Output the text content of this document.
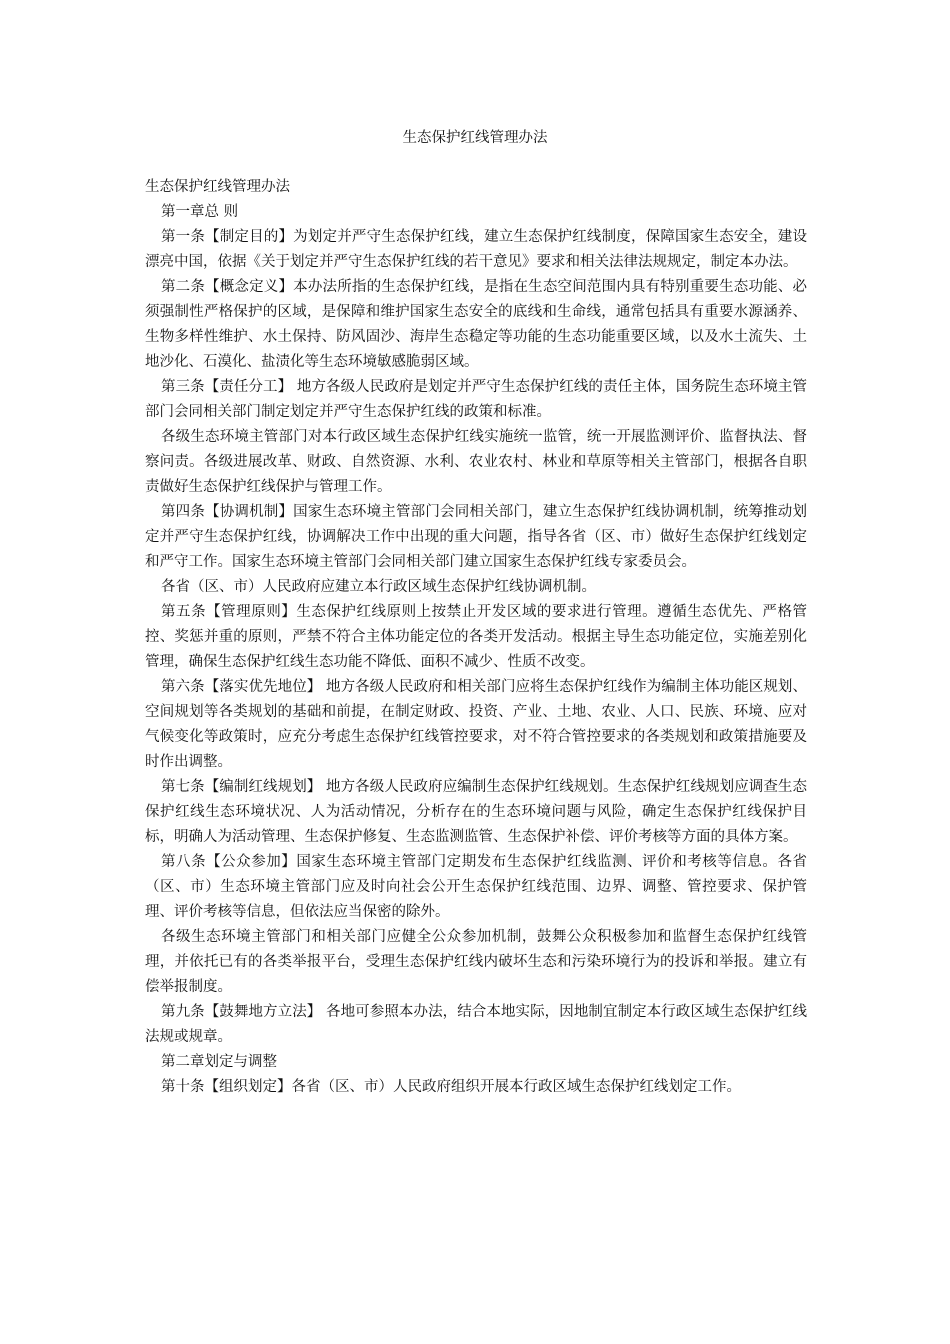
生态保护红线管理办法

生态保护红线管理办法

第一章总 则

第一条【制定目的】为划定并严守生态保护红线，建立生态保护红线制度，保障国家生态安全，建设漂亮中国，依据《关于划定并严守生态保护红线的若干意见》要求和相关法律法规规定，制定本办法。

第二条【概念定义】本办法所指的生态保护红线，是指在生态空间范围内具有特别重要生态功能、必须强制性严格保护的区域，是保障和维护国家生态安全的底线和生命线，通常包括具有重要水源涵养、生物多样性维护、水土保持、防风固沙、海岸生态稳定等功能的生态功能重要区域，以及水土流失、土地沙化、石漠化、盐渍化等生态环境敏感脆弱区域。

第三条【责任分工】 地方各级人民政府是划定并严守生态保护红线的责任主体，国务院生态环境主管部门会同相关部门制定划定并严守生态保护红线的政策和标准。

各级生态环境主管部门对本行政区域生态保护红线实施统一监管，统一开展监测评价、监督执法、督察问责。各级进展改革、财政、自然资源、水利、农业农村、林业和草原等相关主管部门，根据各自职责做好生态保护红线保护与管理工作。

第四条【协调机制】国家生态环境主管部门会同相关部门，建立生态保护红线协调机制，统筹推动划定并严守生态保护红线，协调解决工作中出现的重大问题，指导各省（区、市）做好生态保护红线划定和严守工作。国家生态环境主管部门会同相关部门建立国家生态保护红线专家委员会。

各省（区、市）人民政府应建立本行政区域生态保护红线协调机制。

第五条【管理原则】生态保护红线原则上按禁止开发区域的要求进行管理。遵循生态优先、严格管控、奖惩并重的原则，严禁不符合主体功能定位的各类开发活动。根据主导生态功能定位，实施差别化管理，确保生态保护红线生态功能不降低、面积不减少、性质不改变。

第六条【落实优先地位】 地方各级人民政府和相关部门应将生态保护红线作为编制主体功能区规划、空间规划等各类规划的基础和前提，在制定财政、投资、产业、土地、农业、人口、民族、环境、应对气候变化等政策时，应充分考虑生态保护红线管控要求，对不符合管控要求的各类规划和政策措施要及时作出调整。

第七条【编制红线规划】 地方各级人民政府应编制生态保护红线规划。生态保护红线规划应调查生态保护红线生态环境状况、人为活动情况，分析存在的生态环境问题与风险，确定生态保护红线保护目标，明确人为活动管理、生态保护修复、生态监测监管、生态保护补偿、评价考核等方面的具体方案。

第八条【公众参加】国家生态环境主管部门定期发布生态保护红线监测、评价和考核等信息。各省（区、市）生态环境主管部门应及时向社会公开生态保护红线范围、边界、调整、管控要求、保护管理、评价考核等信息，但依法应当保密的除外。

各级生态环境主管部门和相关部门应健全公众参加机制，鼓舞公众积极参加和监督生态保护红线管理，并依托已有的各类举报平台，受理生态保护红线内破坏生态和污染环境行为的投诉和举报。建立有偿举报制度。

第九条【鼓舞地方立法】 各地可参照本办法，结合本地实际，因地制宜制定本行政区域生态保护红线法规或规章。

第二章划定与调整

第十条【组织划定】各省（区、市）人民政府组织开展本行政区域生态保护红线划定工作。
